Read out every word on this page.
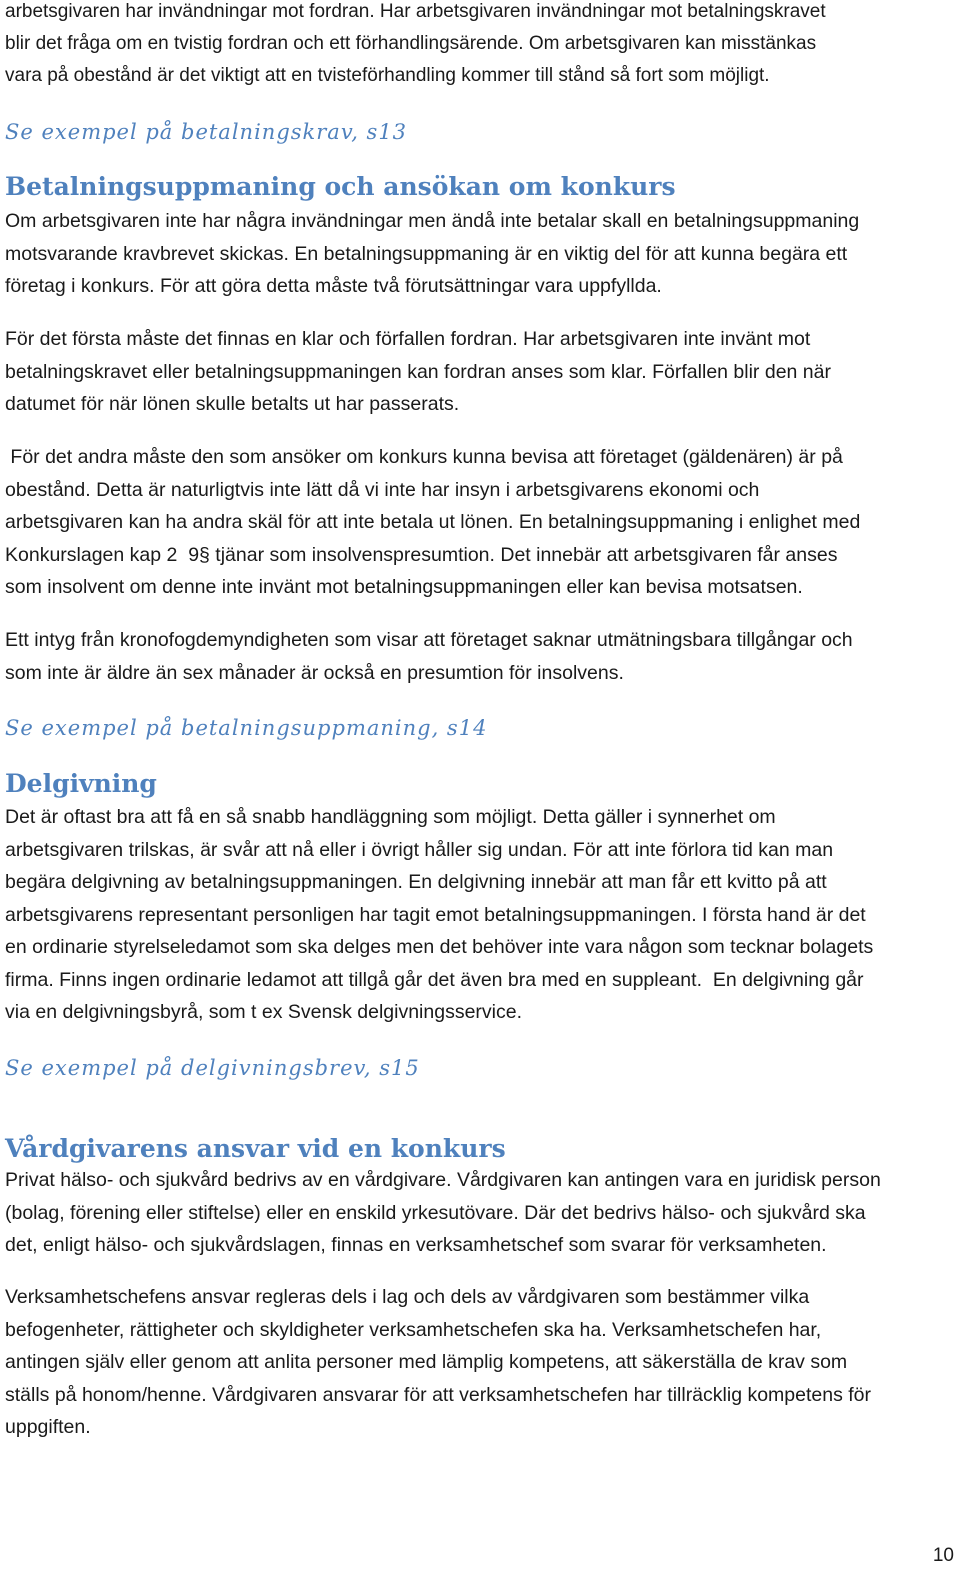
arbetsgivaren har invändningar mot fordran. Har arbetsgivaren invändningar mot betalningskravet

blir det fråga om en tvistig fordran och ett förhandlingsärende. Om arbetsgivaren kan misstänkas

vara på obestånd är det viktigt att en tvisteförhandling kommer till stånd så fort som möjligt.

Se exempel på betalningskrav, s13

Betalningsuppmaning och ansökan om konkurs

Om arbetsgivaren inte har några invändningar men ändå inte betalar skall en betalningsuppmaning

motsvarande kravbrevet skickas. En betalningsuppmaning är en viktig del för att kunna begära ett

företag i konkurs. För att göra detta måste två förutsättningar vara uppfyllda.

För det första måste det finnas en klar och förfallen fordran. Har arbetsgivaren inte invänt mot

betalningskravet eller betalningsuppmaningen kan fordran anses som klar. Förfallen blir den när

datumet för när lönen skulle betalts ut har passerats.

För det andra måste den som ansöker om konkurs kunna bevisa att företaget (gäldenären) är på

obestånd. Detta är naturligtvis inte lätt då vi inte har insyn i arbetsgivarens ekonomi och

arbetsgivaren kan ha andra skäl för att inte betala ut lönen. En betalningsuppmaning i enlighet med

Konkurslagen kap 2  9§ tjänar som insolvenspresumtion. Det innebär att arbetsgivaren får anses

som insolvent om denne inte invänt mot betalningsuppmaningen eller kan bevisa motsatsen.

Ett intyg från kronofogdemyndigheten som visar att företaget saknar utmätningsbara tillgångar och

som inte är äldre än sex månader är också en presumtion för insolvens.

Se exempel på betalningsuppmaning, s14

Delgivning

Det är oftast bra att få en så snabb handläggning som möjligt. Detta gäller i synnerhet om

arbetsgivaren trilskas, är svår att nå eller i övrigt håller sig undan. För att inte förlora tid kan man

begära delgivning av betalningsuppmaningen. En delgivning innebär att man får ett kvitto på att

arbetsgivarens representant personligen har tagit emot betalningsuppmaningen. I första hand är det

en ordinarie styrelseledamot som ska delges men det behöver inte vara någon som tecknar bolagets

firma. Finns ingen ordinarie ledamot att tillgå går det även bra med en suppleant.  En delgivning går

via en delgivningsbyrå, som t ex Svensk delgivningsservice.

Se exempel på delgivningsbrev, s15

Vårdgivarens ansvar vid en konkurs

Privat hälso- och sjukvård bedrivs av en vårdgivare. Vårdgivaren kan antingen vara en juridisk person

(bolag, förening eller stiftelse) eller en enskild yrkesutövare. Där det bedrivs hälso- och sjukvård ska

det, enligt hälso- och sjukvårdslagen, finnas en verksamhetschef som svarar för verksamheten.

Verksamhetschefens ansvar regleras dels i lag och dels av vårdgivaren som bestämmer vilka

befogenheter, rättigheter och skyldigheter verksamhetschefen ska ha. Verksamhetschefen har,

antingen själv eller genom att anlita personer med lämplig kompetens, att säkerställa de krav som

ställs på honom/henne. Vårdgivaren ansvarar för att verksamhetschefen har tillräcklig kompetens för

uppgiften.

10
